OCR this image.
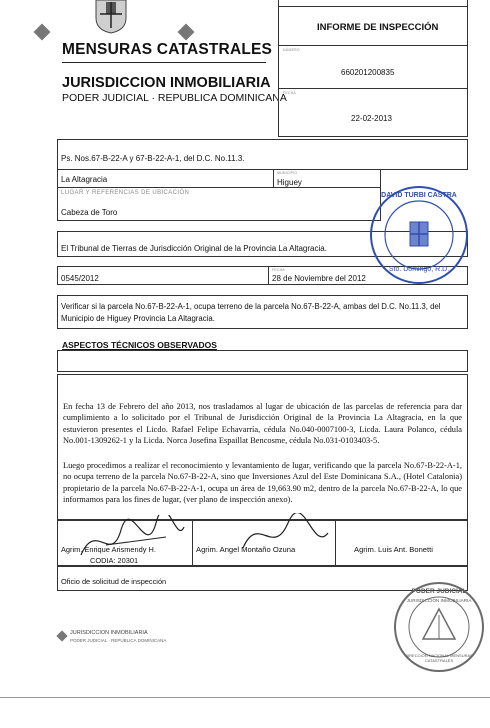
MENSURAS CATASTRALES
JURISDICCION INMOBILIARIA
PODER JUDICIAL · REPUBLICA DOMINICANA
INFORME DE INSPECCIÓN
NÚMERO
660201200835
FECHA
22-02-2013
Ps. Nos.67-B-22-A y 67-B-22-A-1, del D.C. No.11.3.
La Altagracia
MUNICIPIO
Higuey
LUGAR Y REFERENCIAS DE UBICACIÓN
Cabeza de Toro
El Tribunal de Tierras de Jurisdicción Original de la Provincia La Altagracia.
0545/2012
FECHA
28 de Noviembre del 2012
Verificar si la parcela No.67-B-22-A-1, ocupa terreno de la parcela No.67-B-22-A, ambas del D.C. No.11.3, del
Municipio de Higuey Provincia La Altagracia.
ASPECTOS TÉCNICOS OBSERVADOS

En fecha 13 de Febrero del año 2013, nos trasladamos al lugar de ubicación de las parcelas de referencia para dar cumplimiento a lo solicitado por el Tribunal de Jurisdicción Original de la Provincia La Altagracia, en la que estuvieron presentes el Licdo. Rafael Felipe Echavarría, cédula No.040-0007100-3, Licda. Laura Polanco, cédula No.001-1309262-1 y la Licda. Norca Josefina Espaillat Bencosme, cédula No.031-0103403-5.

Luego procedimos a realizar el reconocimiento y levantamiento de lugar, verificando que la parcela No.67-B-22-A-1, no ocupa terreno de la parcela No.67-B-22-A, sino que Inversiones Azul del Este Dominicana S.A., (Hotel Catalonia) propietario de la parcela No.67-B-22-A-1, ocupa un área de 19,663.90 m2, dentro de la parcela No.67-B-22-A, lo que informamos para los fines de lugar, (ver plano de inspección anexo).

Agrim. Enrique Arismendy H.
CODIA: 20301
Agrim. Angel Montaño Ozuna	Agrim. Luis Ant. Bonetti
Oficio de solicitud de inspección
DAVID TURBI CASTRA
Sto. Domingo, R.D.
PODER JUDICIAL
JURISDICCION INMOBILIARIA
DIRECCION NACIONAL MENSURAS CATASTRALES
JURISDICCION INMOBILIARIA
PODER JUDICIAL · REPUBLICA DOMINICANA
